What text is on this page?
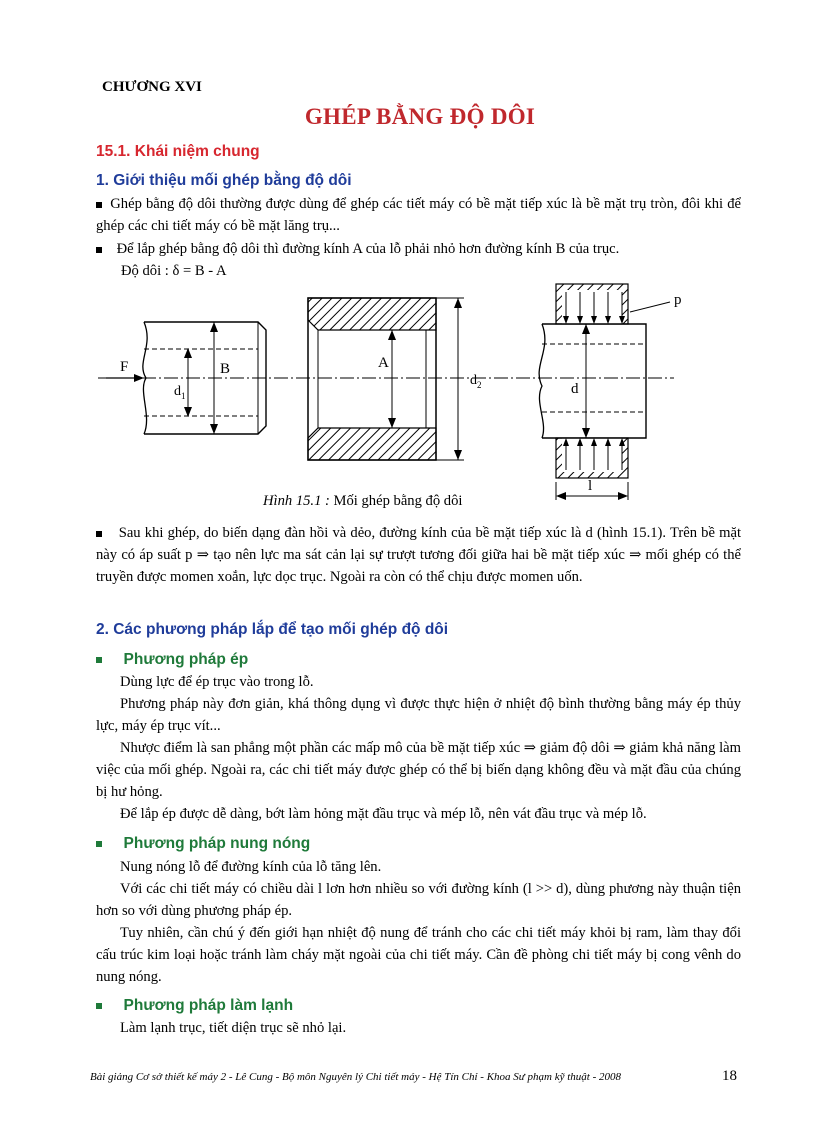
CHƯƠNG XVI
GHÉP BẰNG ĐỘ DÔI
15.1. Khái niệm chung
1. Giới thiệu mối ghép bằng độ dôi
Ghép bằng độ dôi thường được dùng để ghép các tiết máy có bề mặt tiếp xúc là bề mặt trụ tròn, đôi khi để ghép các chi tiết máy có bề mặt lăng trụ...
Để lắp ghép bằng độ dôi thì đường kính A của lỗ phải nhỏ hơn đường kính B của trục.
Độ dôi : δ = B - A
F
$d_1$
B	A
$d_2$
p
d
l
Hình 15.1 : Mối ghép bằng độ dôi
Sau khi ghép, do biến dạng đàn hồi và dẻo, đường kính của bề mặt tiếp xúc là d (hình 15.1). Trên bề mặt này có áp suất p ⇒ tạo nên lực ma sát cản lại sự trượt tương đối giữa hai bề mặt tiếp xúc ⇒ mối ghép có thể truyền được momen xoắn, lực dọc trục. Ngoài ra còn có thể chịu được momen uốn.
2. Các phương pháp lắp để tạo mối ghép độ dôi
Phương pháp ép
Dùng lực để ép trục vào trong lỗ.
Phương pháp này đơn giản, khá thông dụng vì được thực hiện ở nhiệt độ bình thường bằng máy ép thủy lực, máy ép trục vít...
Nhược điểm là san phẳng một phần các mấp mô của bề mặt tiếp xúc ⇒ giảm độ dôi ⇒ giảm khả năng làm việc của mối ghép. Ngoài ra, các chi tiết máy được ghép có thể bị biến dạng không đều và mặt đầu của chúng bị hư hỏng.
Để lắp ép được dễ dàng, bớt làm hỏng mặt đầu trục và mép lỗ, nên vát đầu trục và mép lỗ.
Phương pháp nung nóng
Nung nóng lỗ để đường kính của lỗ tăng lên.
Với các chi tiết máy có chiều dài l lơn hơn nhiều so với đường kính (l >> d), dùng phương này thuận tiện hơn so với dùng phương pháp ép.
Tuy nhiên, cần chú ý đến giới hạn nhiệt độ nung để tránh cho các chi tiết máy khỏi bị ram, làm thay đổi cấu trúc kim loại hoặc tránh làm cháy mặt ngoài của chi tiết máy. Cần đề phòng chi tiết máy bị cong vênh do nung nóng.
Phương pháp làm lạnh
Làm lạnh trục, tiết diện trục sẽ nhỏ lại.
Bài giảng Cơ sở thiết kế máy 2 - Lê Cung - Bộ môn Nguyên lý Chi tiết máy - Hệ Tín Chỉ - Khoa Sư phạm kỹ thuật - 2008	18
